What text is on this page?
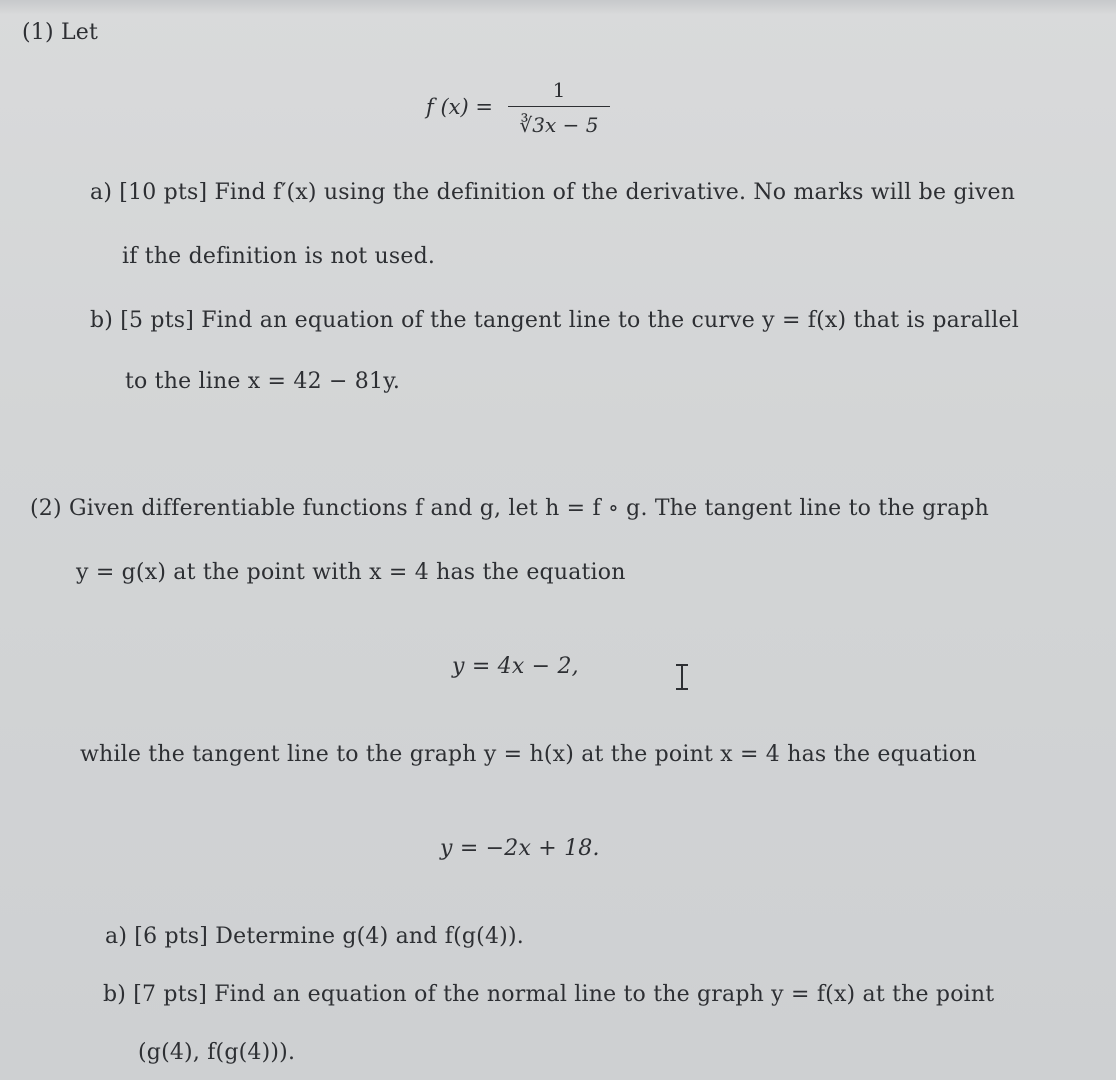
(1) Let
f (x) =
1
∛3x − 5
a) [10 pts] Find f′(x) using the definition of the derivative. No marks will be given
if the definition is not used.
b) [5 pts] Find an equation of the tangent line to the curve y = f(x) that is parallel
to the line x = 42 − 81y.
(2) Given differentiable functions f and g, let h = f ∘ g. The tangent line to the graph
y = g(x) at the point with x = 4 has the equation
y = 4x − 2,
while the tangent line to the graph y = h(x) at the point x = 4 has the equation
y = −2x + 18.
a) [6 pts] Determine g(4) and f(g(4)).
b) [7 pts] Find an equation of the normal line to the graph y = f(x) at the point
(g(4), f(g(4))).
